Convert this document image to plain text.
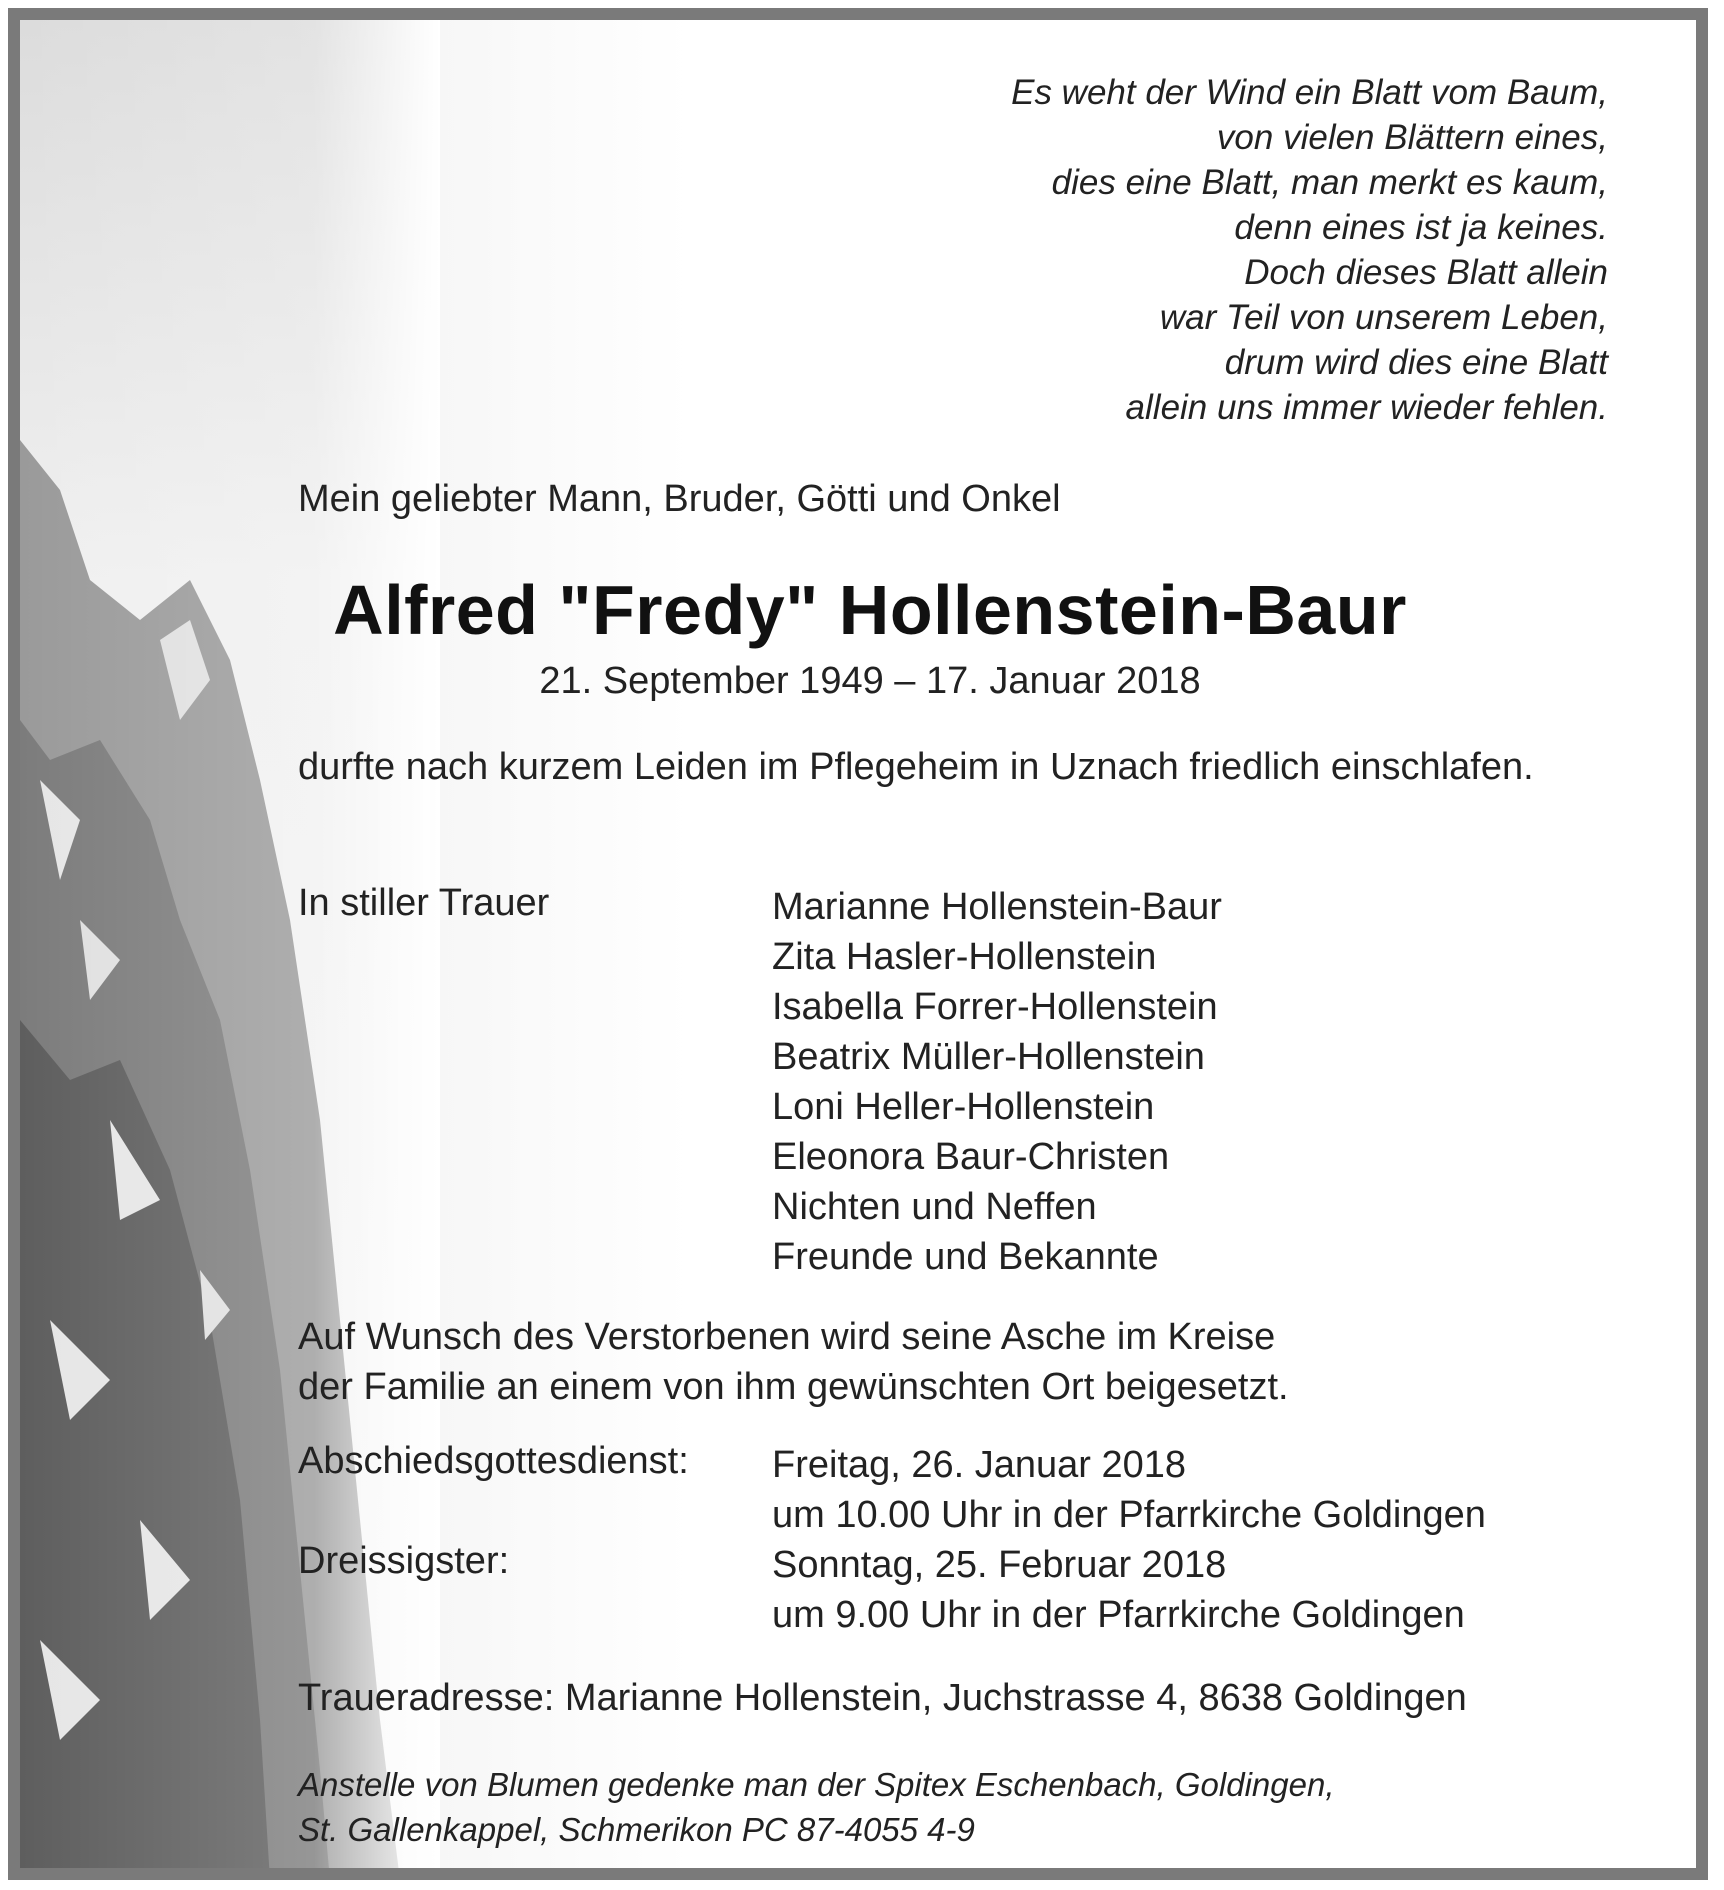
Es weht der Wind ein Blatt vom Baum,
von vielen Blättern eines,
dies eine Blatt, man merkt es kaum,
denn eines ist ja keines.
Doch dieses Blatt allein
war Teil von unserem Leben,
drum wird dies eine Blatt
allein uns immer wieder fehlen.
Mein geliebter Mann, Bruder, Götti und Onkel
Alfred "Fredy" Hollenstein-Baur
21. September 1949 – 17. Januar 2018
durfte nach kurzem Leiden im Pflegeheim in Uznach friedlich einschlafen.
In stiller Trauer	Marianne Hollenstein-Baur
Zita Hasler-Hollenstein
Isabella Forrer-Hollenstein
Beatrix Müller-Hollenstein
Loni Heller-Hollenstein
Eleonora Baur-Christen
Nichten und Neffen
Freunde und Bekannte
Auf Wunsch des Verstorbenen wird seine Asche im Kreise
der Familie an einem von ihm gewünschten Ort beigesetzt.
Abschiedsgottesdienst: Freitag, 26. Januar 2018
um 10.00 Uhr in der Pfarrkirche Goldingen
Dreissigster:	Sonntag, 25. Februar 2018
um 9.00 Uhr in der Pfarrkirche Goldingen
Traueradresse: Marianne Hollenstein, Juchstrasse 4, 8638 Goldingen
Anstelle von Blumen gedenke man der Spitex Eschenbach, Goldingen,
St. Gallenkappel, Schmerikon PC 87-4055 4-9
